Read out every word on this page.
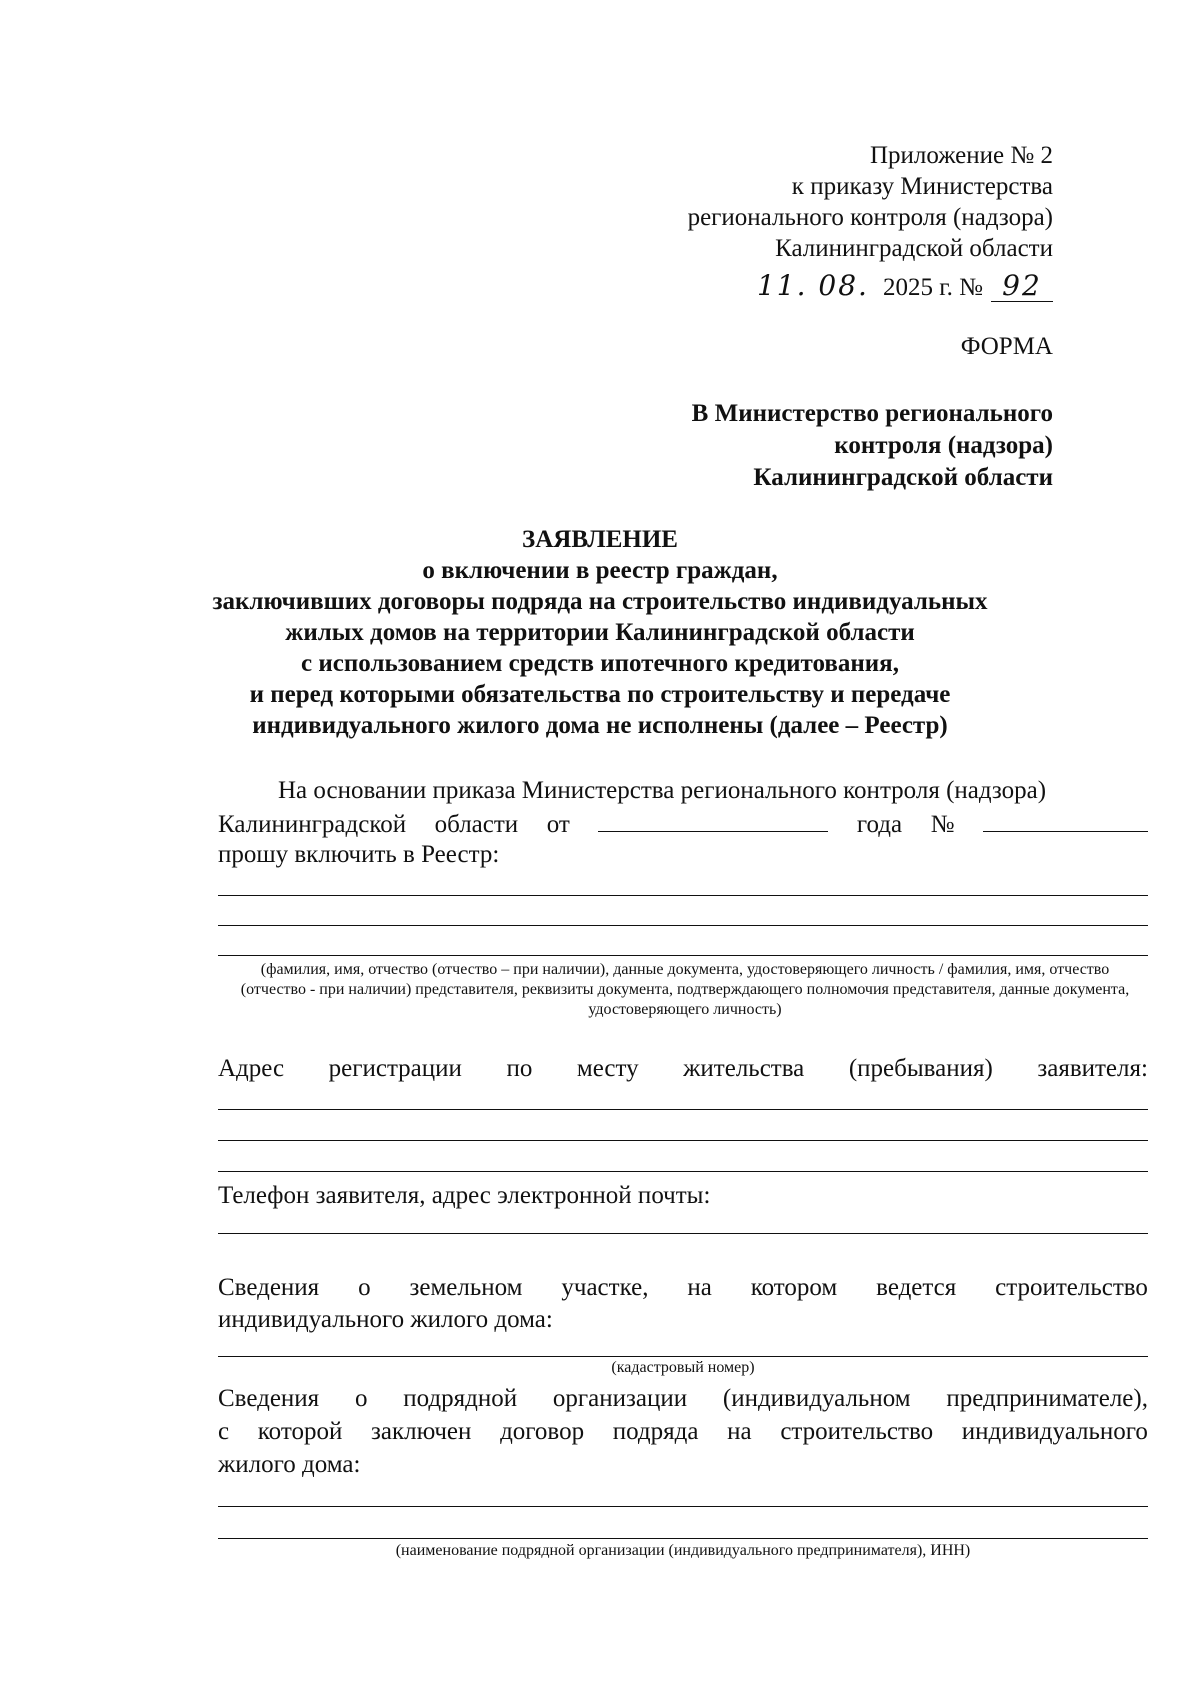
Приложение № 2
к приказу Министерства
регионального контроля (надзора)
Калининградской области
11. 08. 2025 г. № 92
ФОРМА
В Министерство регионального
контроля (надзора)
Калининградской области
ЗАЯВЛЕНИЕ
о включении в реестр граждан,
заключивших договоры подряда на строительство индивидуальных
жилых домов на территории Калининградской области
с использованием средств ипотечного кредитования,
и перед которыми обязательства по строительству и передаче
индивидуального жилого дома не исполнены (далее – Реестр)
На основании приказа Министерства регионального контроля (надзора)
Калининградской области от	года №
прошу включить в Реестр:
(фамилия, имя, отчество (отчество – при наличии), данные документа, удостоверяющего личность / фамилия, имя, отчество (отчество - при наличии) представителя, реквизиты документа, подтверждающего полномочия представителя, данные документа, удостоверяющего личность)
Адрес регистрации по месту жительства (пребывания) заявителя:
Телефон заявителя, адрес электронной почты:
Сведения о земельном участке, на котором ведется строительство
индивидуального жилого дома:
(кадастровый номер)
Сведения о подрядной организации (индивидуальном предпринимателе),
с которой заключен договор подряда на строительство индивидуального
жилого дома:
(наименование подрядной организации (индивидуального предпринимателя), ИНН)
